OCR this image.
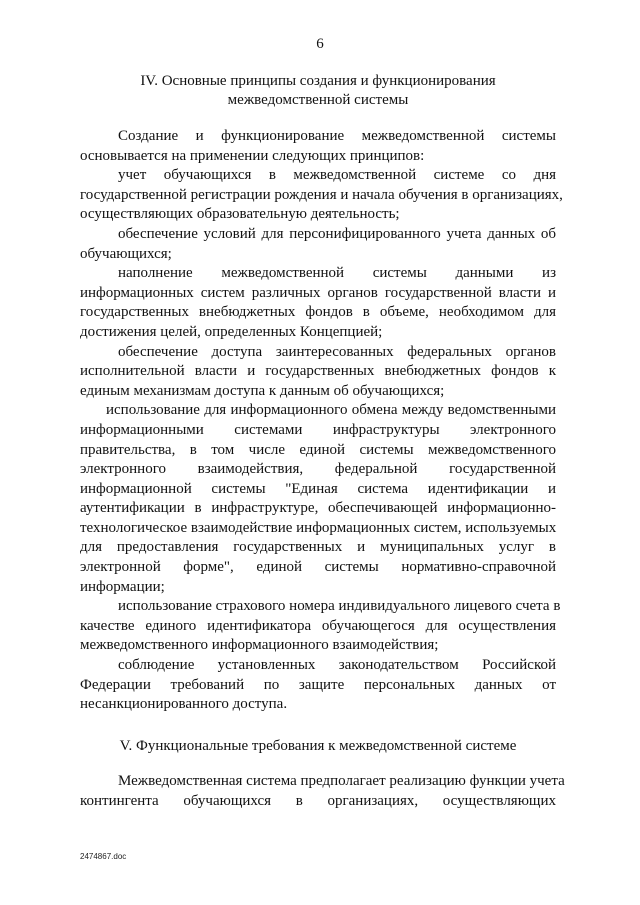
6
IV. Основные принципы создания и функционирования
межведомственной системы
Создание и функционирование межведомственной системы
основывается на применении следующих принципов:
учет обучающихся в межведомственной системе со дня
государственной регистрации рождения и начала обучения в организациях,
осуществляющих образовательную деятельность;
обеспечение условий для персонифицированного учета данных об
обучающихся;
наполнение межведомственной системы данными из
информационных систем различных органов государственной власти и
государственных внебюджетных фондов в объеме, необходимом для
достижения целей, определенных Концепцией;
обеспечение доступа заинтересованных федеральных органов
исполнительной власти и государственных внебюджетных фондов к
единым механизмам доступа к данным об обучающихся;
использование для информационного обмена между ведомственными
информационными системами инфраструктуры электронного
правительства, в том числе единой системы межведомственного
электронного взаимодействия, федеральной государственной
информационной системы "Единая система идентификации и
аутентификации в инфраструктуре, обеспечивающей информационно-
технологическое взаимодействие информационных систем, используемых
для предоставления государственных и муниципальных услуг в
электронной форме", единой системы нормативно-справочной
информации;
использование страхового номера индивидуального лицевого счета в
качестве единого идентификатора обучающегося для осуществления
межведомственного информационного взаимодействия;
соблюдение установленных законодательством Российской
Федерации требований по защите персональных данных от
несанкционированного доступа.
V. Функциональные требования к межведомственной системе
Межведомственная система предполагает реализацию функции учета
контингента обучающихся в организациях, осуществляющих
2474867.doc
